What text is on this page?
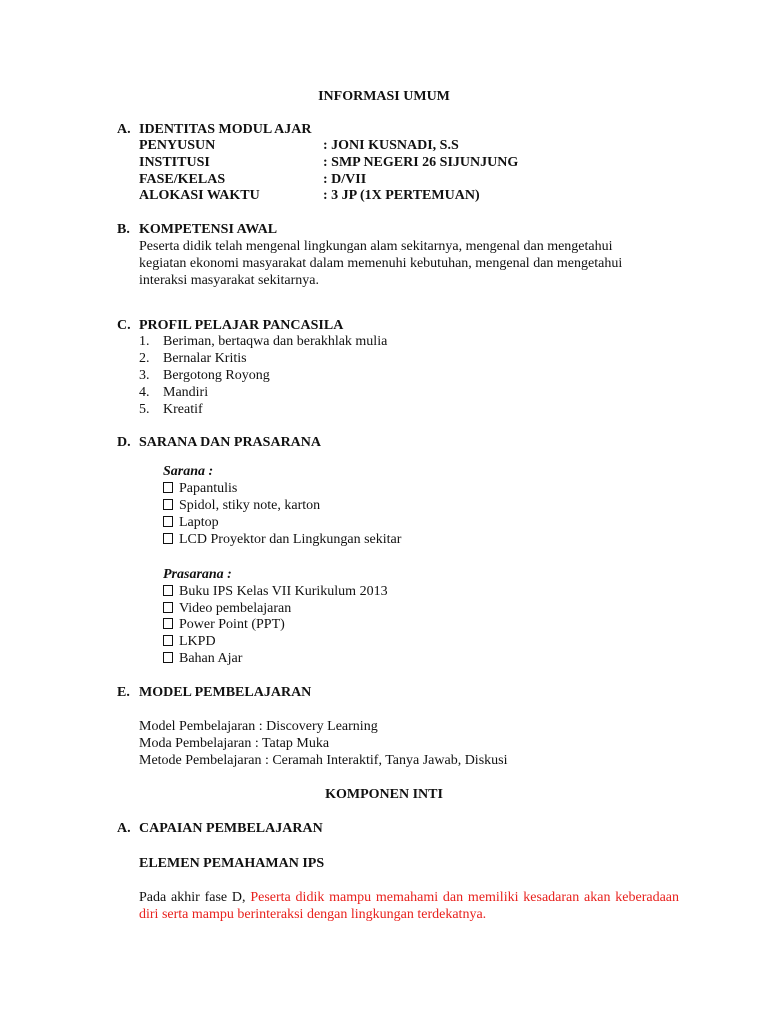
INFORMASI UMUM
A. IDENTITAS MODUL AJAR
PENYUSUN	: JONI KUSNADI, S.S
INSTITUSI	: SMP NEGERI 26 SIJUNJUNG
FASE/KELAS	: D/VII
ALOKASI WAKTU	: 3 JP (1X PERTEMUAN)
B. KOMPETENSI AWAL
Peserta didik telah mengenal lingkungan alam sekitarnya, mengenal dan mengetahui
kegiatan ekonomi masyarakat dalam memenuhi kebutuhan, mengenal dan mengetahui
interaksi masyarakat sekitarnya.
C. PROFIL PELAJAR PANCASILA
1. Beriman, bertaqwa dan berakhlak mulia
2. Bernalar Kritis
3. Bergotong Royong
4. Mandiri
5. Kreatif
D. SARANA DAN PRASARANA
Sarana :
Papantulis
Spidol, stiky note, karton
Laptop
LCD Proyektor dan Lingkungan sekitar
Prasarana :
Buku IPS Kelas VII Kurikulum 2013
Video pembelajaran
Power Point (PPT)
LKPD
Bahan Ajar
E. MODEL PEMBELAJARAN
Model Pembelajaran : Discovery Learning
Moda Pembelajaran : Tatap Muka
Metode Pembelajaran : Ceramah Interaktif, Tanya Jawab, Diskusi
KOMPONEN INTI
A. CAPAIAN PEMBELAJARAN
ELEMEN PEMAHAMAN IPS
Pada akhir fase D, Peserta didik mampu memahami dan memiliki kesadaran akan keberadaan diri serta mampu berinteraksi dengan lingkungan terdekatnya.
